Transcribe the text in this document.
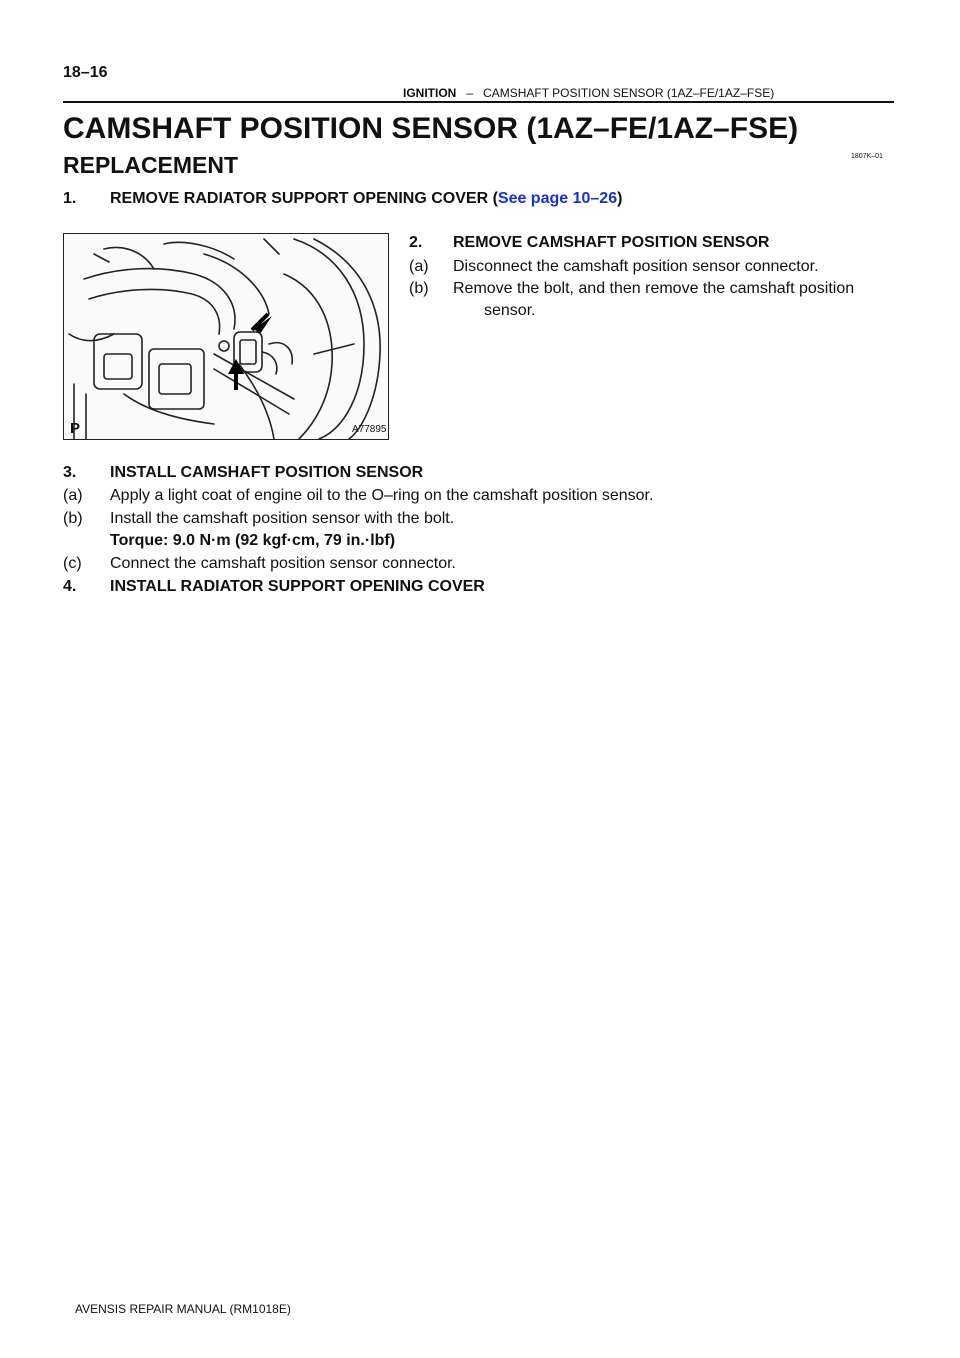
18–16
IGNITION – CAMSHAFT POSITION SENSOR (1AZ–FE/1AZ–FSE)
CAMSHAFT POSITION SENSOR (1AZ–FE/1AZ–FSE)
1807K–01
REPLACEMENT
1. REMOVE RADIATOR SUPPORT OPENING COVER (See page 10–26)
P	A77895
2. REMOVE CAMSHAFT POSITION SENSOR
(a) Disconnect the camshaft position sensor connector.
(b) Remove the bolt, and then remove the camshaft position
sensor.
3. INSTALL CAMSHAFT POSITION SENSOR
(a) Apply a light coat of engine oil to the O–ring on the camshaft position sensor.
(b) Install the camshaft position sensor with the bolt.
Torque: 9.0 N·m (92 kgf·cm, 79 in.·lbf)
(c) Connect the camshaft position sensor connector.
4. INSTALL RADIATOR SUPPORT OPENING COVER
AVENSIS REPAIR MANUAL (RM1018E)
